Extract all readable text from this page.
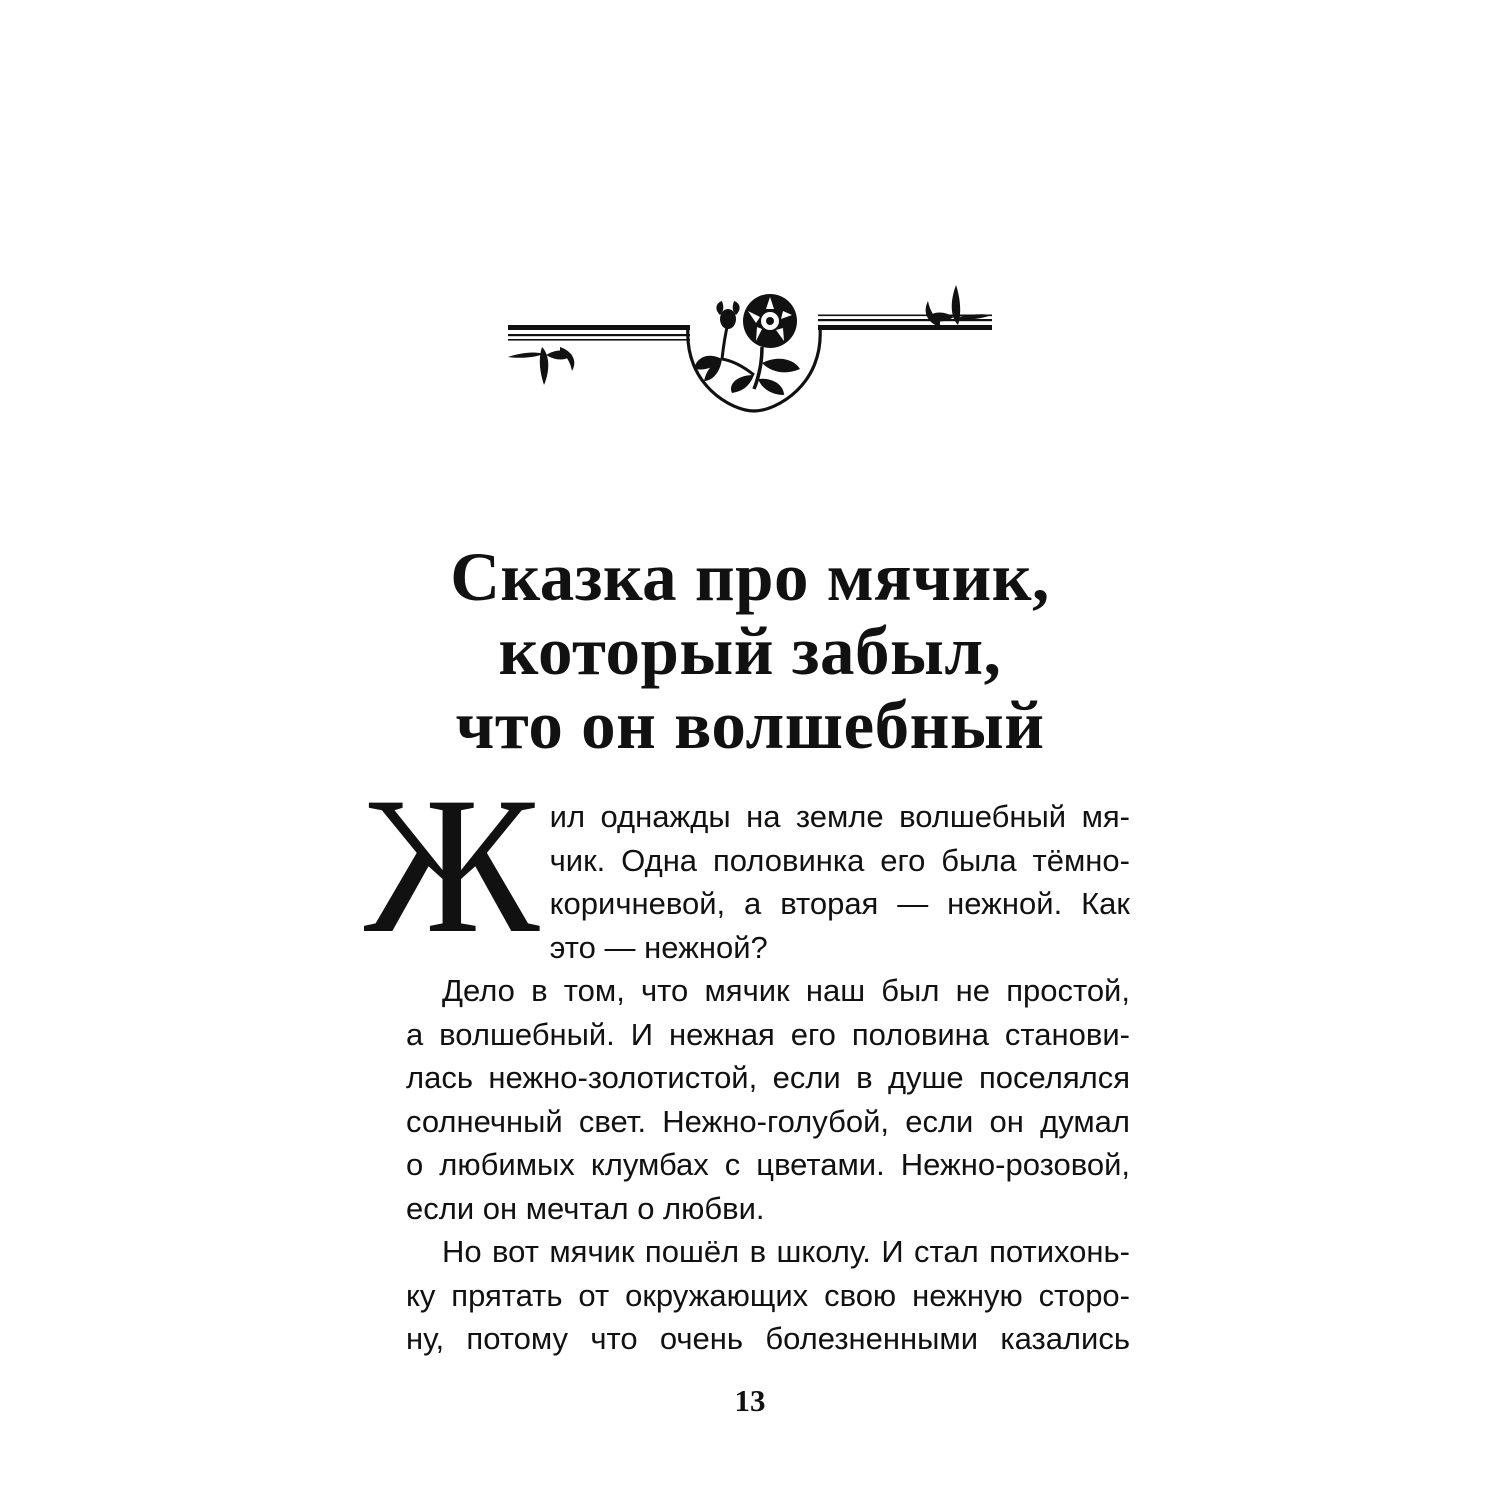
Сказка про мячик,
который забыл,
что он волшебный

Ж ил однажды на земле волшебный мя-
чик. Одна половинка его была тёмно-
коричневой, а вторая — нежной. Как
это — нежной?

Дело в том, что мячик наш был не простой,
а волшебный. И нежная его половина станови-
лась нежно-золотистой, если в душе поселялся
солнечный свет. Нежно-голубой, если он думал
о любимых клумбах с цветами. Нежно-розовой,
если он мечтал о любви.

Но вот мячик пошёл в школу. И стал потихонь-
ку прятать от окружающих свою нежную сторо-
ну, потому что очень болезненными казались

13
